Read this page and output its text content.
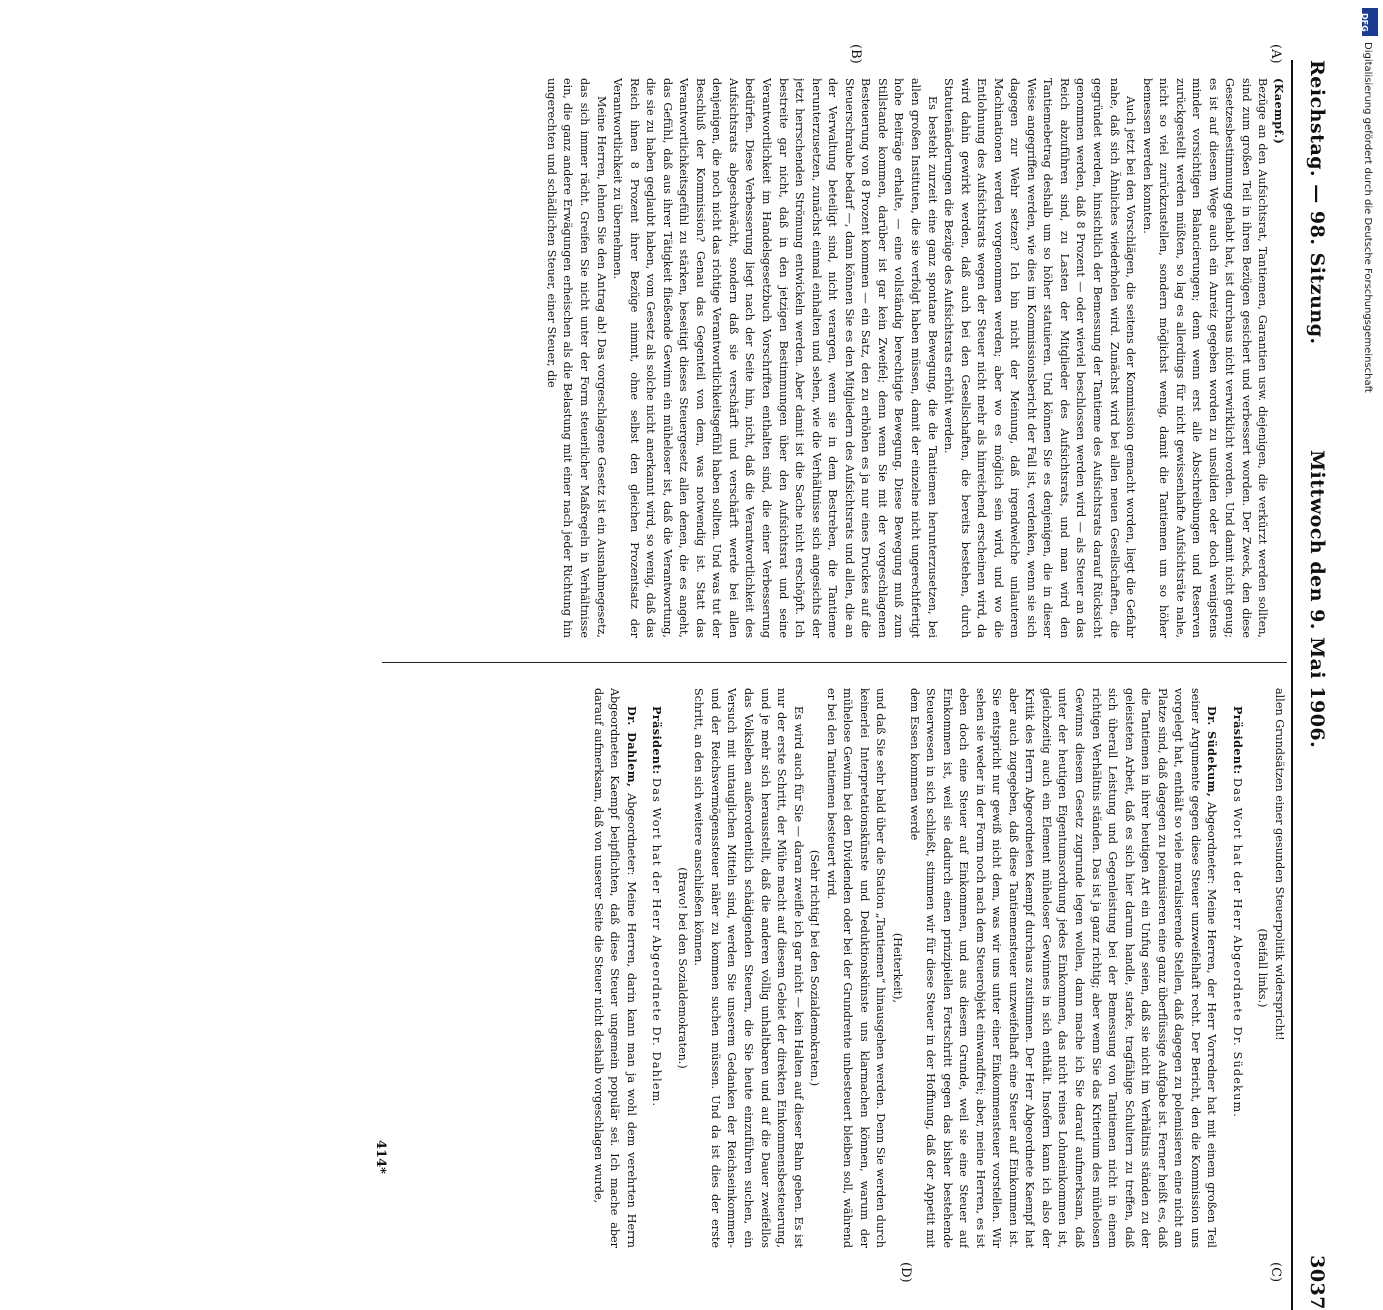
Reichstag. — 98. Sitzung.
Mittwoch den 9. Mai 1906.
3037
(A)
(B)
(C)
(D)

(Kaempf.)

Bezüge an den Aufsichtsrat, Tantiemen, Garantien usw. diejenigen, die verkürzt werden sollten, sind zum großen Teil in ihren Bezügen gesichert und verbessert worden. Der Zweck, den diese Gesetzesbestimmung gehabt hat, ist durchaus nicht verwirklicht worden. Und damit nicht genug; es ist auf diesem Wege auch ein Anreiz gegeben worden zu unsoliden oder doch wenigstens minder vorsichtigen Balancierungen; denn wenn erst alle Abschreibungen und Reserven zurückgestellt werden müßten, so lag es allerdings für nicht gewissenhafte Aufsichtsräte nahe, nicht so viel zurückzustellen, sondern möglichst wenig, damit die Tantiemen um so höher bemessen werden konnten.

Auch jetzt bei den Vorschlägen, die seitens der Kommission gemacht worden, liegt die Gefahr nahe, daß sich Ähnliches wiederholen wird. Zunächst wird bei allen neuen Gesellschaften, die gegründet werden, hinsichtlich der Bemessung der Tantieme des Aufsichtsrats darauf Rücksicht genommen werden, daß 8 Prozent — oder wieviel beschlossen werden wird — als Steuer an das Reich abzuführen sind, zu Lasten der Mitglieder des Aufsichtsrats, und man wird den Tantiemebetrag deshalb um so höher statuieren. Und können Sie es denjenigen, die in dieser Weise angegriffen werden, wie dies im Kommissionsbericht der Fall ist, verdenken, wenn sie sich dagegen zur Wehr setzen? Ich bin nicht der Meinung, daß irgendwelche unlauteren Machinationen werden vorgenommen werden; aber wo es möglich sein wird, und wo die Entlohnung des Aufsichtsrats wegen der Steuer nicht mehr als hinreichend erscheinen wird, da wird dahin gewirkt werden, daß auch bei den Gesellschaften, die bereits bestehen, durch Statutenänderungen die Bezüge des Aufsichtsrats erhöht werden.

Es besteht zurzeit eine ganz spontane Bewegung, die die Tantiemen herunterzusetzen, bei allen großen Instituten, die sie verfolgt haben müssen, damit der einzelne nicht ungerechtfertigt hohe Beiträge erhalte, — eine vollständig berechtigte Bewegung. Diese Bewegung muß zum Stillstande kommen, darüber ist gar kein Zweifel; denn wenn Sie mit der vorgeschlagenen Besteuerung von 8 Prozent kommen — ein Satz, den zu erhöhen es ja nur eines Druckes auf die Steuerschraube bedarf —, dann können Sie es den Mitgliedern des Aufsichtsrats und allen, die an der Verwaltung beteiligt sind, nicht verargen, wenn sie in dem Bestreben, die Tantieme herunterzusetzen, zunächst einmal einhalten und sehen, wie die Verhältnisse sich angesichts der jetzt herrschenden Strömung entwickeln werden. Aber damit ist die Sache nicht erschöpft. Ich bestreite gar nicht, daß in den jetzigen Bestimmungen über den Aufsichtsrat und seine Verantwortlichkeit im Handelsgesetzbuch Vorschriften enthalten sind, die einer Verbesserung bedürfen. Diese Verbesserung liegt nach der Seite hin, nicht, daß die Verantwortlichkeit des Aufsichtsrats abgeschwächt, sondern daß sie verschärft und verschärft werde bei allen denjenigen, die noch nicht das richtige Verantwortlichkeitsgefühl haben sollten. Und was tut der Beschluß der Kommission? Genau das Gegenteil von dem, was notwendig ist. Statt das Verantwortlichkeitsgefühl zu stärken, beseitigt dieses Steuergesetz allen denen, die es angeht, das Gefühl, daß aus ihrer Tätigkeit fließende Gewinn ein müheloser ist, daß die Verantwortung, die sie zu haben geglaubt haben, vom Gesetz als solche nicht anerkannt wird, so wenig, daß das Reich ihnen 8 Prozent ihrer Bezüge nimmt, ohne selbst den gleichen Prozentsatz der Verantwortlichkeit zu übernehmen.

Meine Herren, lehnen Sie den Antrag ab! Das vorgeschlagene Gesetz ist ein Ausnahmegesetz, das sich immer rächt. Greifen Sie nicht unter der Form steuerlicher Maßregeln in Verhältnisse ein, die ganz andere Erwägungen erheischen als die Belastung mit einer nach jeder Richtung hin ungerechten und schädlichen Steuer, einer Steuer, die

allen Grundsätzen einer gesunden Steuerpolitik widerspricht!

(Beifall links.)

Präsident: Das Wort hat der Herr Abgeordnete Dr. Südekum.

Dr. Südekum, Abgeordneter: Meine Herren, der Herr Vorredner hat mit einem großen Teil seiner Argumente gegen diese Steuer unzweifelhaft recht. Der Bericht, den die Kommission uns vorgelegt hat, enthält so viele moralisierende Stellen, daß dagegen zu polemisieren eine nicht am Platze sind, daß dagegen zu polemisieren eine ganz überflüssige Aufgabe ist. Ferner heißt es, daß die Tantiemen in ihrer heutigen Art ein Unfug seien, daß sie nicht im Verhältnis ständen zu der geleisteten Arbeit, daß es sich hier darum handle, starke, tragfähige Schultern zu treffen, daß sich überall Leistung und Gegenleistung bei der Bemessung von Tantiemen nicht in einem richtigen Verhältnis ständen. Das ist ja ganz richtig; aber wenn Sie das Kriterium des mühelosen Gewinns diesem Gesetz zugrunde legen wollen, dann mache ich Sie darauf aufmerksam, daß unter der heutigen Eigentumsordnung jedes Einkommen, das nicht reines Lohneinkommen ist, gleichzeitig auch ein Element müheloser Gewinnes in sich enthält. Insofern kann ich also der Kritik des Herrn Abgeordneten Kaempf durchaus zustimmen. Der Herr Abgeordnete Kaempf hat aber auch zugegeben, daß diese Tantiemensteuer unzweifelhaft eine Steuer auf Einkommen ist. Sie entspricht nur gewiß nicht dem, was wir uns unter einer Einkommensteuer vorstellen. Wir sehen sie weder in der Form noch nach dem Steuerobjekt einwandfrei; aber, meine Herren, es ist eben doch eine Steuer auf Einkommen, und aus diesem Grunde, weil sie eine Steuer auf Einkommen ist, weil sie dadurch einen prinzipiellen Fortschritt gegen das bisher bestehende Steuerwesen in sich schließt, stimmen wir für diese Steuer in der Hoffnung, daß der Appetit mit dem Essen kommen werde

(Heiterkeit),

und daß Sie sehr bald über die Station „Tantiemen“ hinausgehen werden. Denn Sie werden durch keinerlei Interpretationskünste und Deduktionskünste uns klarmachen können, warum der mühelose Gewinn bei den Dividenden oder bei der Grundrente unbesteuert bleiben soll, während er bei den Tantiemen besteuert wird.

(Sehr richtig! bei den Sozialdemokraten.)

Es wird auch für Sie — daran zweifle ich gar nicht — kein Halten auf dieser Bahn geben. Es ist nur der erste Schritt, der Mühe macht auf diesem Gebiet der direkten Einkommensbesteuerung, und je mehr sich herausstellt, daß die anderen völlig unhaltbaren und auf die Dauer zweifellos das Volksleben außerordentlich schädigenden Steuern, die Sie heute einzuführen suchen, ein Versuch mit untauglichen Mitteln sind, werden Sie unserem Gedanken der Reichseinkommen- und der Reichsvermögenssteuer näher zu kommen suchen müssen. Und da ist dies der erste Schritt, an den sich weitere anschließen können.

(Bravo! bei den Sozialdemokraten.)

Präsident: Das Wort hat der Herr Abgeordnete Dr. Dahlem.

Dr. Dahlem, Abgeordneter: Meine Herren, darin kann man ja wohl dem verehrten Herrn Abgeordneten Kaempf beipflichten, daß diese Steuer ungemein populär sei. Ich mache aber darauf aufmerksam, daß von unserer Seite die Steuer nicht deshalb vorgeschlagen wurde,

414*
DFG
Digitalisierung gefördert durch die Deutsche Forschungsgemeinschaft
